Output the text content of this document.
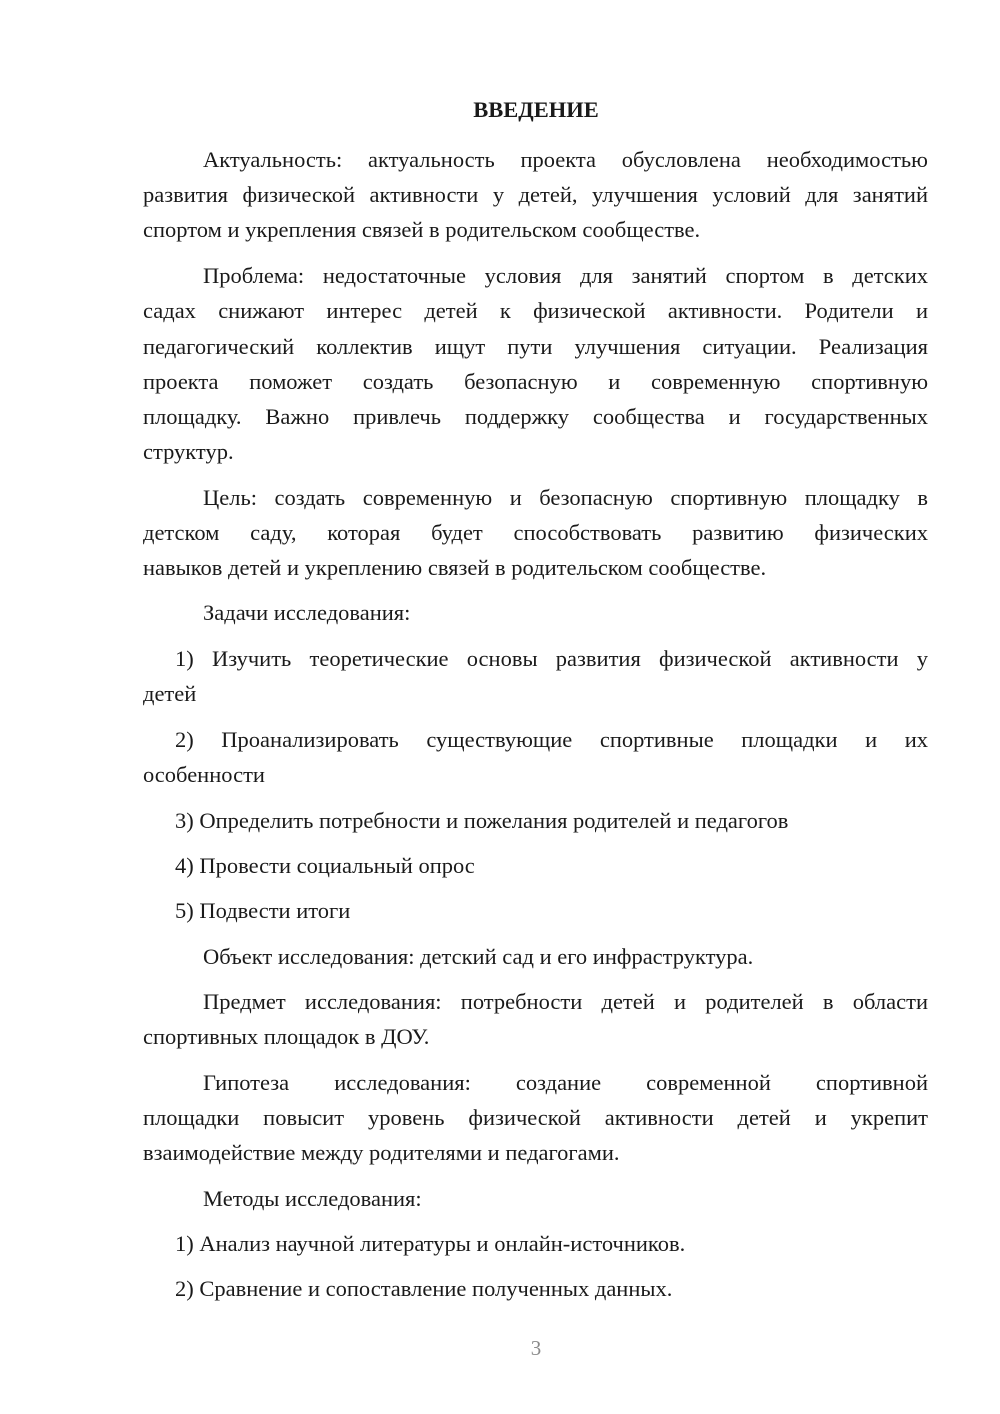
ВВЕДЕНИЕ

Актуальность: актуальность проекта обусловлена необходимостью

развития физической активности у детей, улучшения условий для занятий

спортом и укрепления связей в родительском сообществе.

Проблема: недостаточные условия для занятий спортом в детских

садах снижают интерес детей к физической активности. Родители и

педагогический коллектив ищут пути улучшения ситуации. Реализация

проекта поможет создать безопасную и современную спортивную

площадку. Важно привлечь поддержку сообщества и государственных

структур.

Цель: создать современную и безопасную спортивную площадку в

детском саду, которая будет способствовать развитию физических

навыков детей и укреплению связей в родительском сообществе.

Задачи исследования:

1) Изучить теоретические основы развития физической активности у

детей

2) Проанализировать существующие спортивные площадки и их

особенности

3) Определить потребности и пожелания родителей и педагогов

4) Провести социальный опрос

5) Подвести итоги

Объект исследования: детский сад и его инфраструктура.

Предмет исследования: потребности детей и родителей в области

спортивных площадок в ДОУ.

Гипотеза исследования: создание современной спортивной

площадки повысит уровень физической активности детей и укрепит

взаимодействие между родителями и педагогами.

Методы исследования:

1) Анализ научной литературы и онлайн-источников.

2) Сравнение и сопоставление полученных данных.

3
